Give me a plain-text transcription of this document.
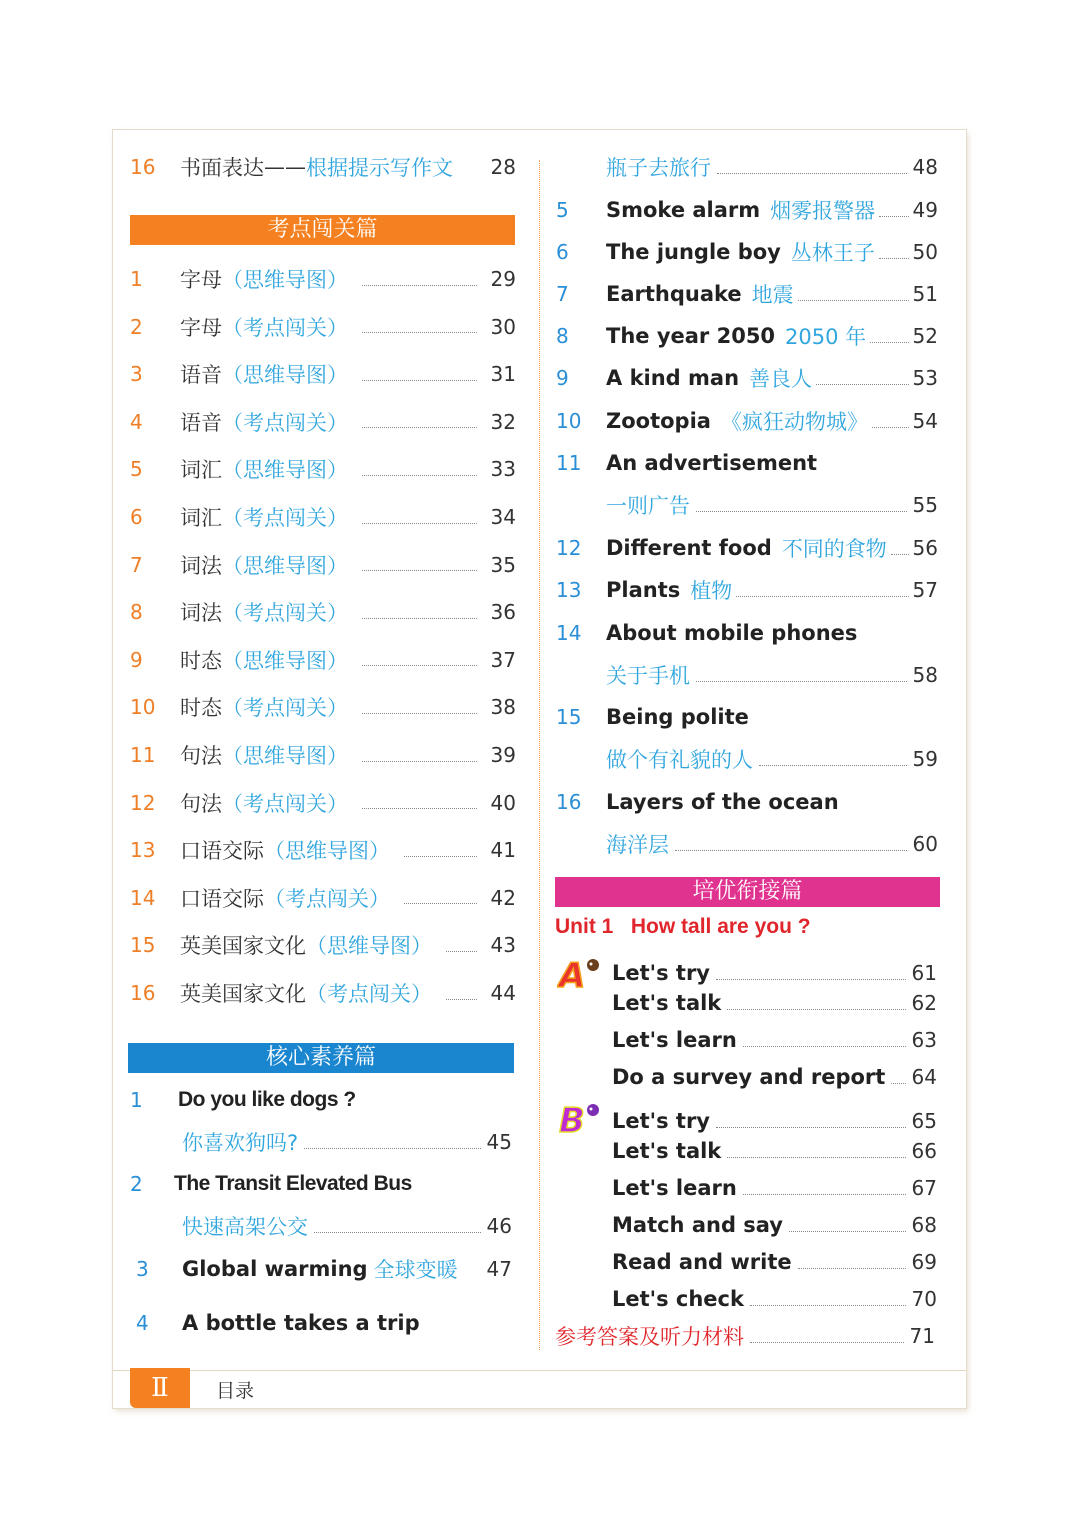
16	书面表达 —— 根据提示写作文 28
考点闯关篇
1	字母 （思维导图）	29
2	字母 （考点闯关）	30
3	语音 （思维导图）	31
4	语音 （考点闯关）	32
5	词汇 （思维导图）	33
6	词汇 （考点闯关）	34
7	词法 （思维导图）	35
8	词法 （考点闯关）	36
9	时态 （思维导图）	37
10	时态 （考点闯关）	38
11	句法 （思维导图）	39
12	句法 （考点闯关）	40
13	口语交际 （思维导图）	41
14	口语交际 （考点闯关）	42
15	英美国家文化 （思维导图）	43
16	英美国家文化 （考点闯关）	44
核心素养篇
1	Do you like dogs ?
你喜欢狗吗?	45
2	The Transit Elevated Bus
快速高架公交	46
3	Global warming 全球变暖 47
4	A bottle takes a trip
瓶子去旅行	48
5	Smoke alarm 烟雾报警器 49
6	The jungle boy 丛林王子 50
7	Earthquake 地震	51
8	The year 2050 2050 年 52
9	A kind man 善良人	53
10	Zootopia 《疯狂动物城》 54
11	An advertisement
一则广告	55
12	Different food 不同的食物 56
13	Plants 植物	57
14	About mobile phones
关于手机	58
15	Being polite
做个有礼貌的人	59
16	Layers of the ocean
海洋层	60
培优衔接篇
Unit 1 How tall are you ?
A
B
Let's try	61
Let's talk	62
Let's learn	63
Do a survey and report 64
Let's try	65
Let's talk	66
Let's learn	67
Match and say	68
Read and write	69
Let's check	70
参考答案及听力材料	71
Ⅱ	目录
